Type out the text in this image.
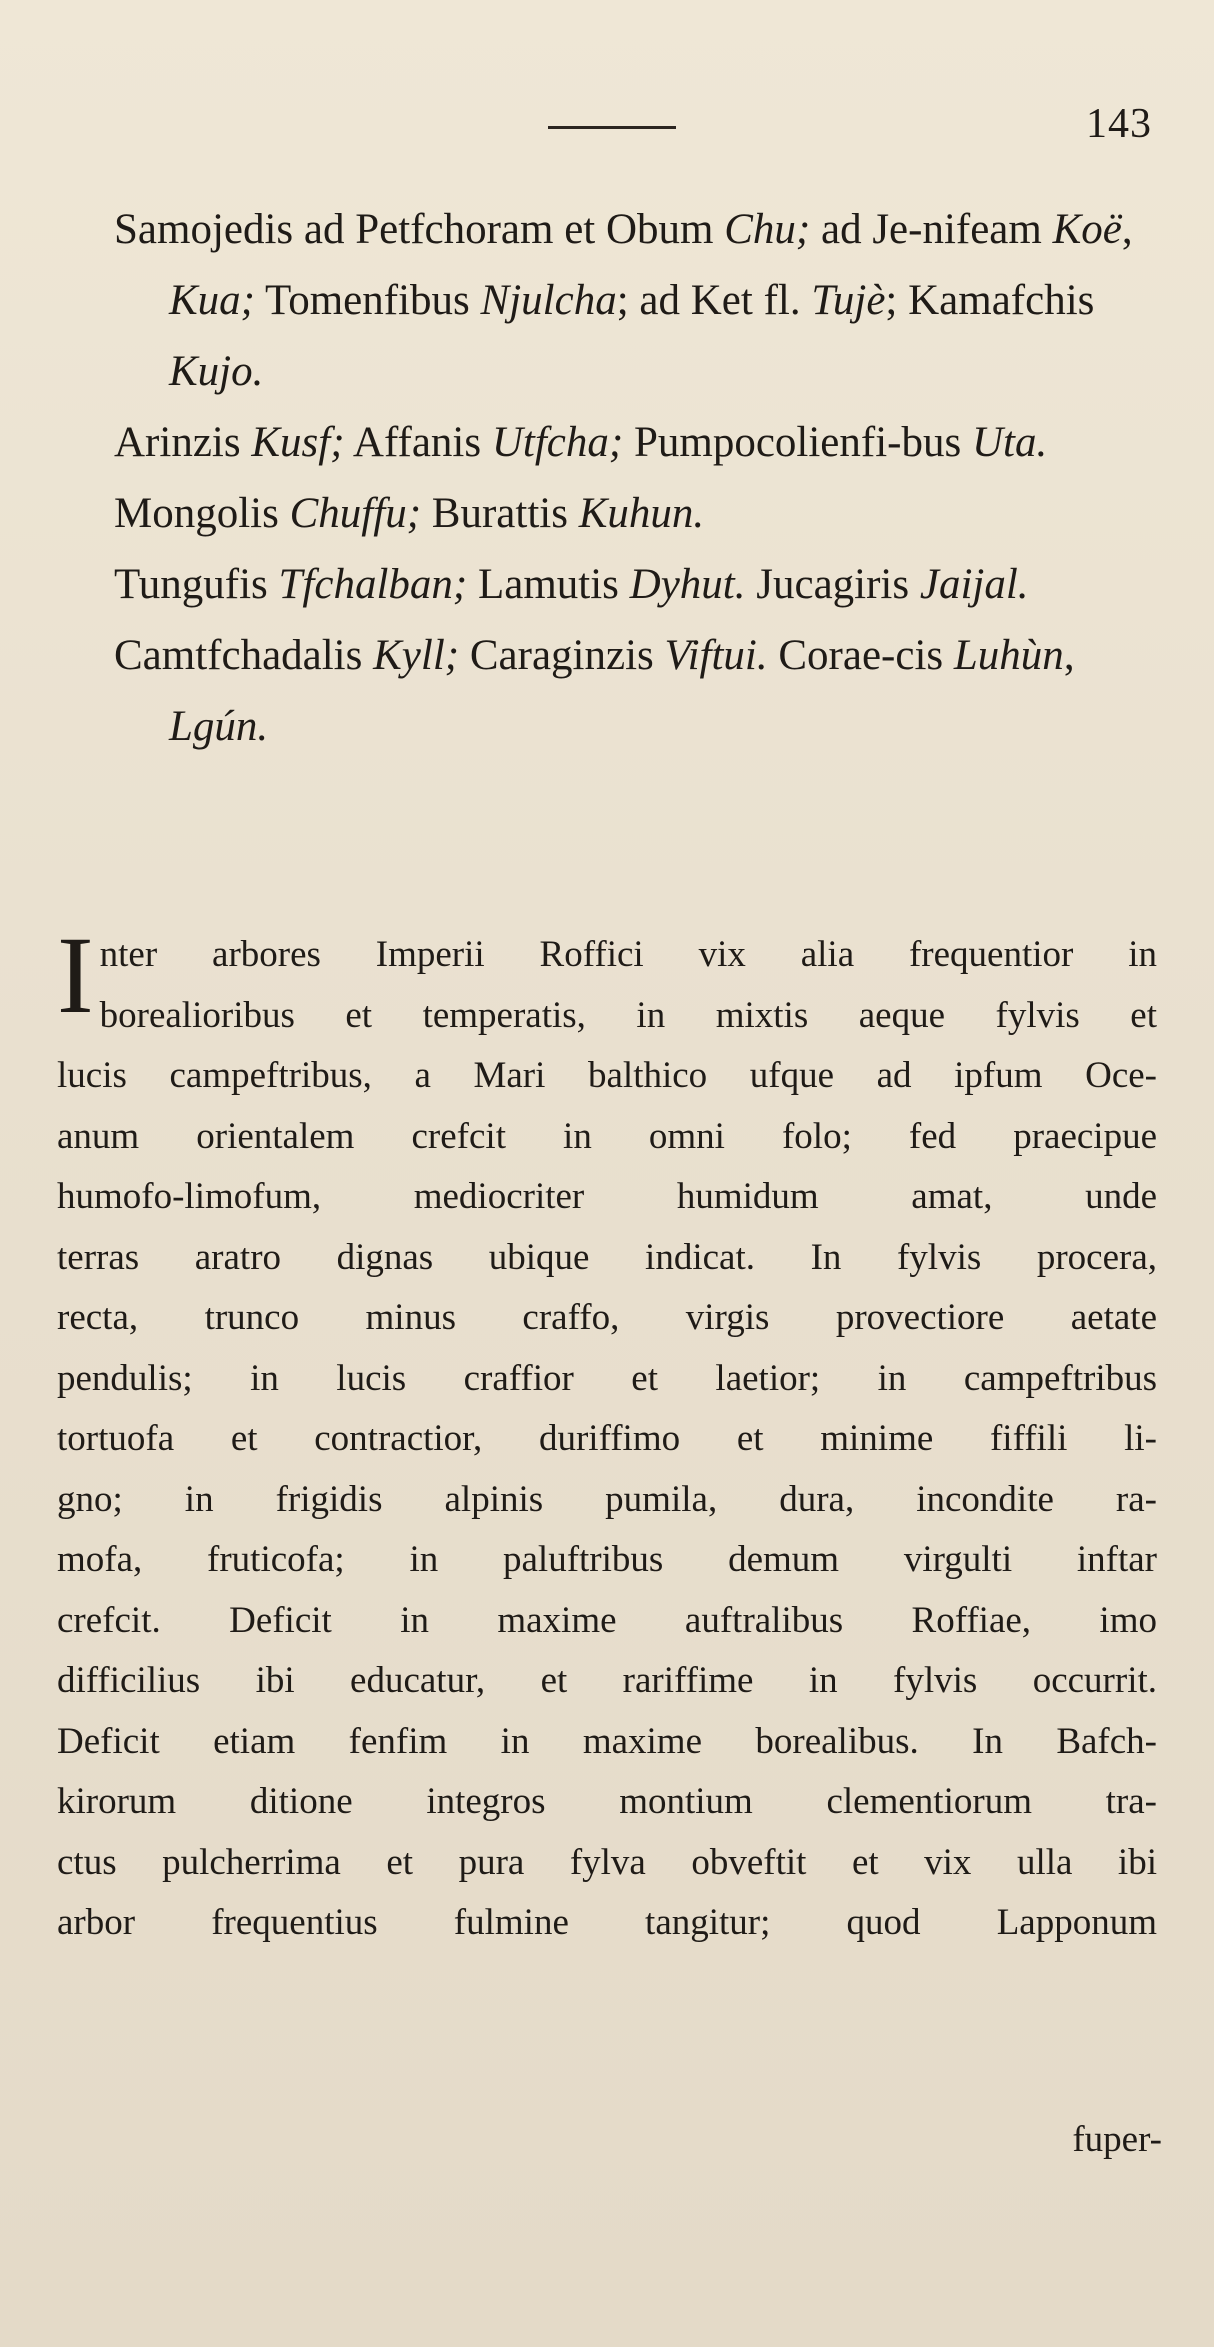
143

Samojedis ad Petfchoram et Obum Chu; ad Je-nifeam Koë, Kua; Tomenfibus Njulcha; ad Ket fl. Tujè; Kamafchis Kujo.

Arinzis Kusf; Affanis Utfcha; Pumpocolienfi-bus Uta.

Mongolis Chuffu; Burattis Kuhun.

Tungufis Tfchalban; Lamutis Dyhut. Jucagiris Jaijal.

Camtfchadalis Kyll; Caraginzis Viftui. Corae-cis Luhùn, Lgún.

I nter arbores Imperii Roffici vix alia frequentior in
borealioribus et temperatis, in mixtis aeque fylvis et
lucis campeftribus, a Mari balthico ufque ad ipfum Oce-
anum orientalem crefcit in omni folo; fed praecipue
humofo-limofum, mediocriter humidum amat, unde
terras aratro dignas ubique indicat. In fylvis procera,
recta, trunco minus craffo, virgis provectiore aetate
pendulis; in lucis craffior et laetior; in campeftribus
tortuofa et contractior, duriffimo et minime fiffili li-
gno; in frigidis alpinis pumila, dura, incondite ra-
mofa, fruticofa; in paluftribus demum virgulti inftar
crefcit. Deficit in maxime auftralibus Roffiae, imo
difficilius ibi educatur, et rariffime in fylvis occurrit.
Deficit etiam fenfim in maxime borealibus. In Bafch-
kirorum ditione integros montium clementiorum tra-
ctus pulcherrima et pura fylva obveftit et vix ulla ibi
arbor frequentius fulmine tangitur; quod Lapponum
fuper-
